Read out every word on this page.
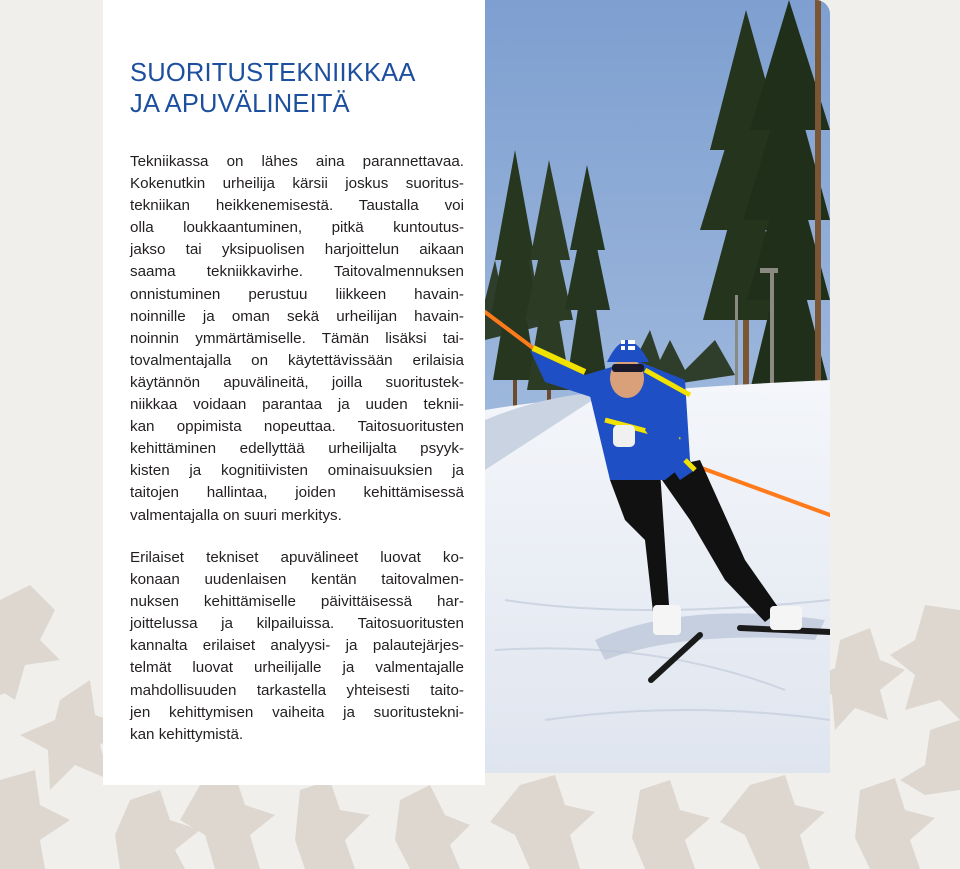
SUORITUSTEKNIIKKAA
JA APUVÄLINEITÄ

Tekniikassa on lähes aina parannettavaa.
Kokenutkin urheilija kärsii joskus suoritus-
tekniikan heikkenemisestä. Taustalla voi
olla loukkaantuminen, pitkä kuntoutus-
jakso tai yksipuolisen harjoittelun aikaan
saama tekniikkavirhe. Taitovalmennuksen
onnistuminen perustuu liikkeen havain-
noinnille ja oman sekä urheilijan havain-
noinnin ymmärtämiselle. Tämän lisäksi tai-
tovalmentajalla on käytettävissään erilaisia
käytännön apuvälineitä, joilla suoritustek-
niikkaa voidaan parantaa ja uuden teknii-
kan oppimista nopeuttaa. Taitosuoritusten
kehittäminen edellyttää urheilijalta psyyk-
kisten ja kognitiivisten ominaisuuksien ja
taitojen hallintaa, joiden kehittämisessä
valmentajalla on suuri merkitys.

Erilaiset tekniset apuvälineet luovat ko-
konaan uudenlaisen kentän taitovalmen-
nuksen kehittämiselle päivittäisessä har-
joittelussa ja kilpailuissa. Taitosuoritusten
kannalta erilaiset analyysi- ja palautejärjes-
telmät luovat urheilijalle ja valmentajalle
mahdollisuuden tarkastella yhteisesti taito-
jen kehittymisen vaiheita ja suoritustekni-
kan kehittymistä.
